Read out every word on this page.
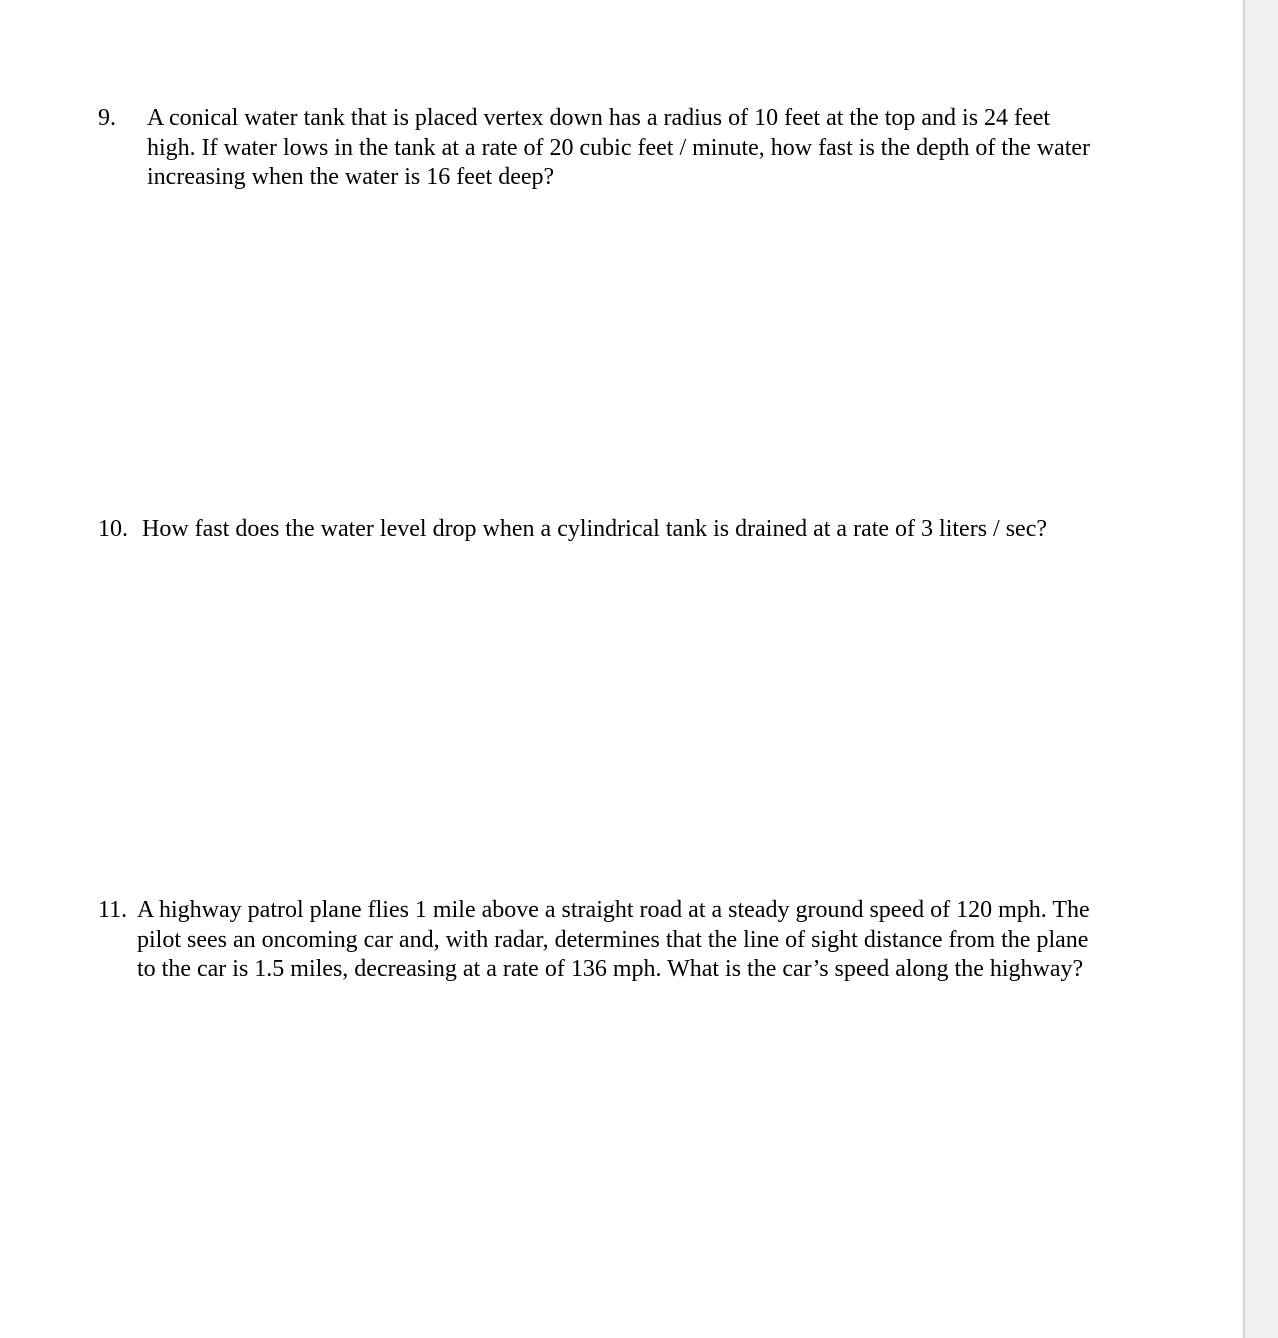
9. A conical water tank that is placed vertex down has a radius of 10 feet at the top and is 24 feet high. If water lows in the tank at a rate of 20 cubic feet / minute, how fast is the depth of the water increasing when the water is 16 feet deep?
10. How fast does the water level drop when a cylindrical tank is drained at a rate of 3 liters / sec?
11. A highway patrol plane flies 1 mile above a straight road at a steady ground speed of 120 mph. The pilot sees an oncoming car and, with radar, determines that the line of sight distance from the plane to the car is 1.5 miles, decreasing at a rate of 136 mph. What is the car’s speed along the highway?
